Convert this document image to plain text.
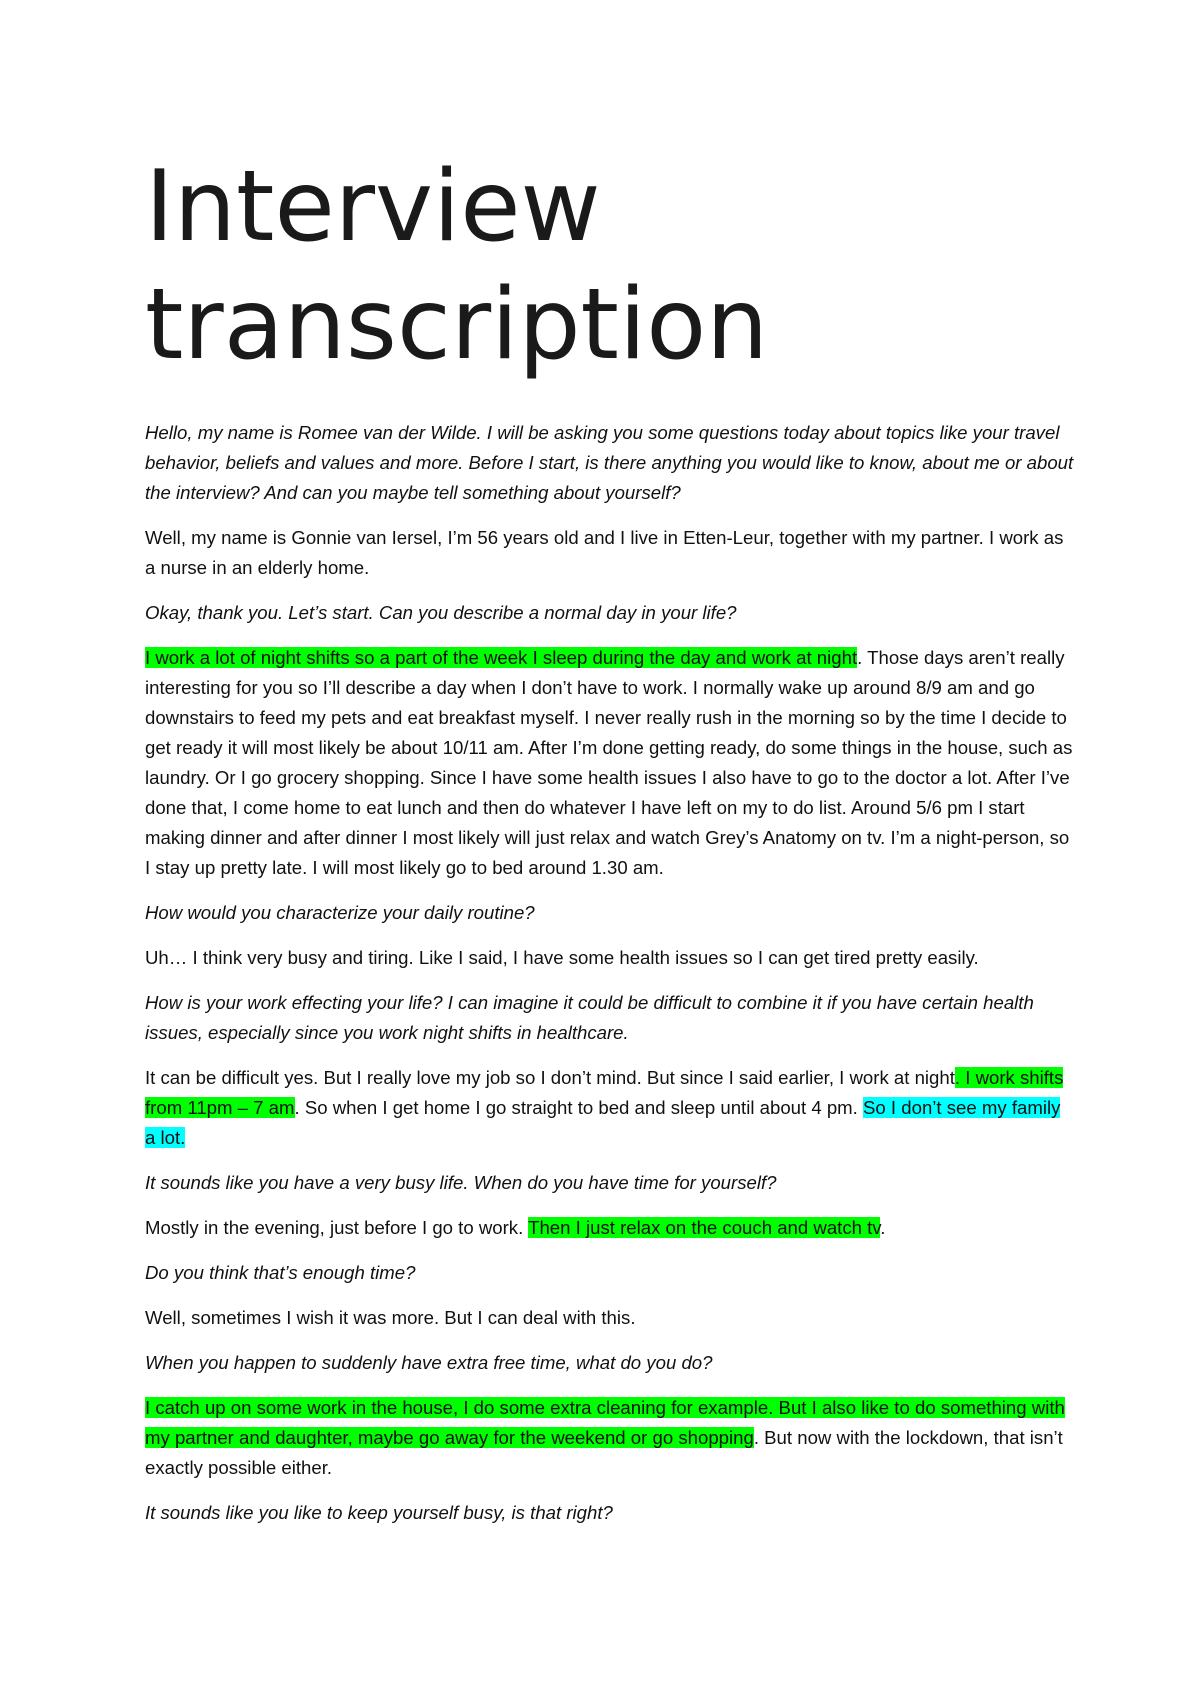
Interview transcription

Hello, my name is Romee van der Wilde. I will be asking you some questions today about topics like your travel behavior, beliefs and values and more. Before I start, is there anything you would like to know, about me or about the interview? And can you maybe tell something about yourself?

Well, my name is Gonnie van Iersel, I’m 56 years old and I live in Etten-Leur, together with my partner. I work as a nurse in an elderly home.

Okay, thank you. Let’s start. Can you describe a normal day in your life?

I work a lot of night shifts so a part of the week I sleep during the day and work at night. Those days aren’t really interesting for you so I’ll describe a day when I don’t have to work. I normally wake up around 8/9 am and go downstairs to feed my pets and eat breakfast myself. I never really rush in the morning so by the time I decide to get ready it will most likely be about 10/11 am. After I’m done getting ready, do some things in the house, such as laundry. Or I go grocery shopping. Since I have some health issues I also have to go to the doctor a lot. After I’ve done that, I come home to eat lunch and then do whatever I have left on my to do list. Around 5/6 pm I start making dinner and after dinner I most likely will just relax and watch Grey’s Anatomy on tv. I’m a night-person, so I stay up pretty late. I will most likely go to bed around 1.30 am.

How would you characterize your daily routine?

Uh… I think very busy and tiring. Like I said, I have some health issues so I can get tired pretty easily.

How is your work effecting your life? I can imagine it could be difficult to combine it if you have certain health issues, especially since you work night shifts in healthcare.

It can be difficult yes. But I really love my job so I don’t mind. But since I said earlier, I work at night. I work shifts from 11pm – 7 am. So when I get home I go straight to bed and sleep until about 4 pm. So I don’t see my family a lot.

It sounds like you have a very busy life. When do you have time for yourself?

Mostly in the evening, just before I go to work. Then I just relax on the couch and watch tv.

Do you think that’s enough time?

Well, sometimes I wish it was more. But I can deal with this.

When you happen to suddenly have extra free time, what do you do?

I catch up on some work in the house, I do some extra cleaning for example. But I also like to do something with my partner and daughter, maybe go away for the weekend or go shopping. But now with the lockdown, that isn’t exactly possible either.

It sounds like you like to keep yourself busy, is that right?
